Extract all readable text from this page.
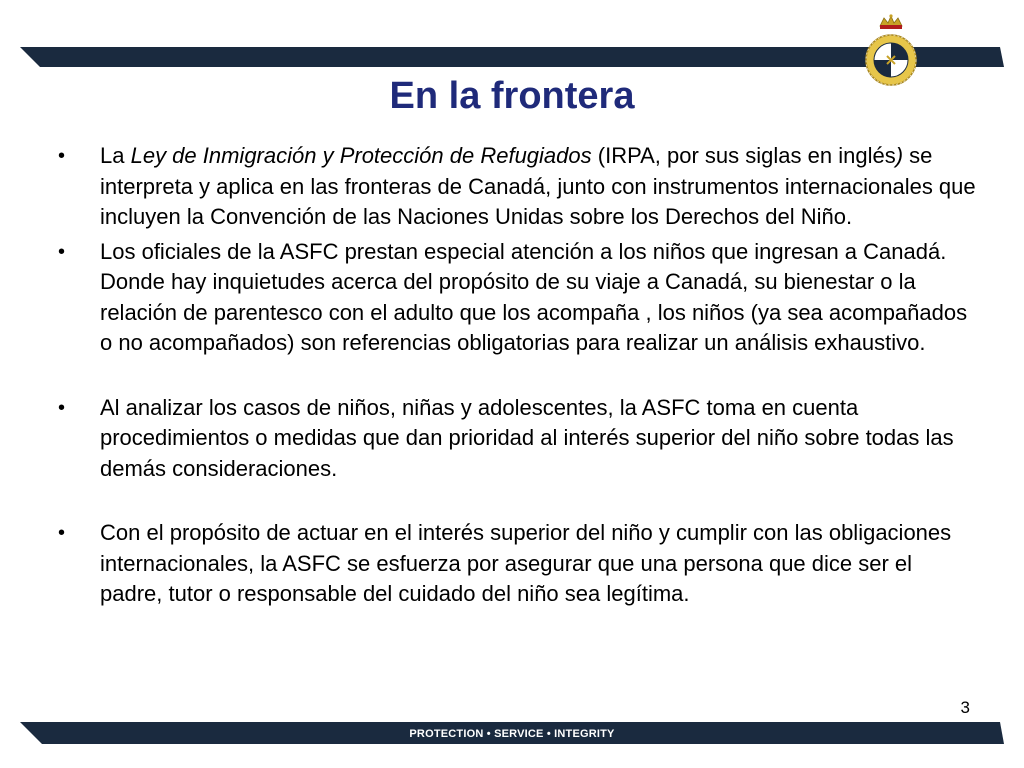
En la frontera
•	La Ley de Inmigración y Protección de Refugiados (IRPA, por sus siglas en inglés) se interpreta y aplica en las fronteras de Canadá, junto con instrumentos internacionales que incluyen la Convención de las Naciones Unidas sobre los Derechos del Niño.
•	Los oficiales de la ASFC prestan especial atención a los niños que ingresan a Canadá. Donde hay inquietudes acerca del propósito de su viaje a Canadá, su bienestar o la relación de parentesco con el adulto que los acompaña , los niños (ya sea acompañados o no acompañados) son referencias obligatorias para realizar un análisis exhaustivo.
•	Al analizar los casos de niños, niñas y adolescentes, la ASFC toma en cuenta procedimientos o medidas que dan prioridad al interés superior del niño sobre todas las demás consideraciones.
•	Con el propósito de actuar en el interés superior del niño y cumplir con las obligaciones internacionales, la ASFC se esfuerza por asegurar que una persona que dice ser el padre, tutor o responsable del cuidado del niño sea legítima.
3
PROTECTION • SERVICE • INTEGRITY
